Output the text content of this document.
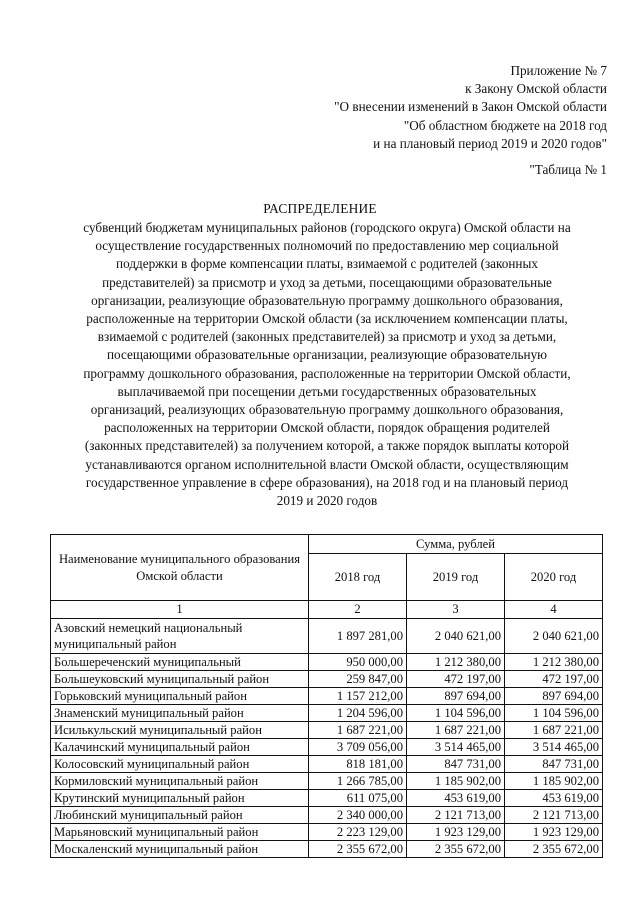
Приложение № 7
к Закону Омской области
"О внесении изменений в Закон Омской области
"Об областном бюджете на 2018 год
и на плановый период 2019 и 2020 годов"
"Таблица № 1
РАСПРЕДЕЛЕНИЕ
субвенций бюджетам муниципальных районов (городского округа) Омской области на
осуществление государственных полномочий по предоставлению мер социальной
поддержки в форме компенсации платы, взимаемой с родителей (законных
представителей) за присмотр и уход за детьми, посещающими образовательные
организации, реализующие образовательную программу дошкольного образования,
расположенные на территории Омской области (за исключением компенсации платы,
взимаемой с родителей (законных представителей) за присмотр и уход за детьми,
посещающими образовательные организации, реализующие образовательную
программу дошкольного образования, расположенные на территории Омской области,
выплачиваемой при посещении детьми государственных образовательных
организаций, реализующих образовательную программу дошкольного образования,
расположенных на территории Омской области, порядок обращения родителей
(законных представителей) за получением которой, а также порядок выплаты которой
устанавливаются органом исполнительной власти Омской области, осуществляющим
государственное управление в сфере образования), на 2018 год и на плановый период
2019 и 2020 годов
Наименование муниципального образования Омской области	Сумма, рублей		
	2018 год	2019 год	2020 год
1	2	3	4
Азовский немецкий национальный муниципальный район	1 897 281,00	2 040 621,00	2 040 621,00
Большереченский муниципальный	950 000,00	1 212 380,00	1 212 380,00
Большеуковский муниципальный район	259 847,00	472 197,00	472 197,00
Горьковский муниципальный район	1 157 212,00	897 694,00	897 694,00
Знаменский муниципальный район	1 204 596,00	1 104 596,00	1 104 596,00
Исилькульский муниципальный район	1 687 221,00	1 687 221,00	1 687 221,00
Калачинский муниципальный район	3 709 056,00	3 514 465,00	3 514 465,00
Колосовский муниципальный район	818 181,00	847 731,00	847 731,00
Кормиловский муниципальный район	1 266 785,00	1 185 902,00	1 185 902,00
Крутинский муниципальный район	611 075,00	453 619,00	453 619,00
Любинский муниципальный район	2 340 000,00	2 121 713,00	2 121 713,00
Марьяновский муниципальный район	2 223 129,00	1 923 129,00	1 923 129,00
Москаленский муниципальный район	2 355 672,00	2 355 672,00	2 355 672,00
